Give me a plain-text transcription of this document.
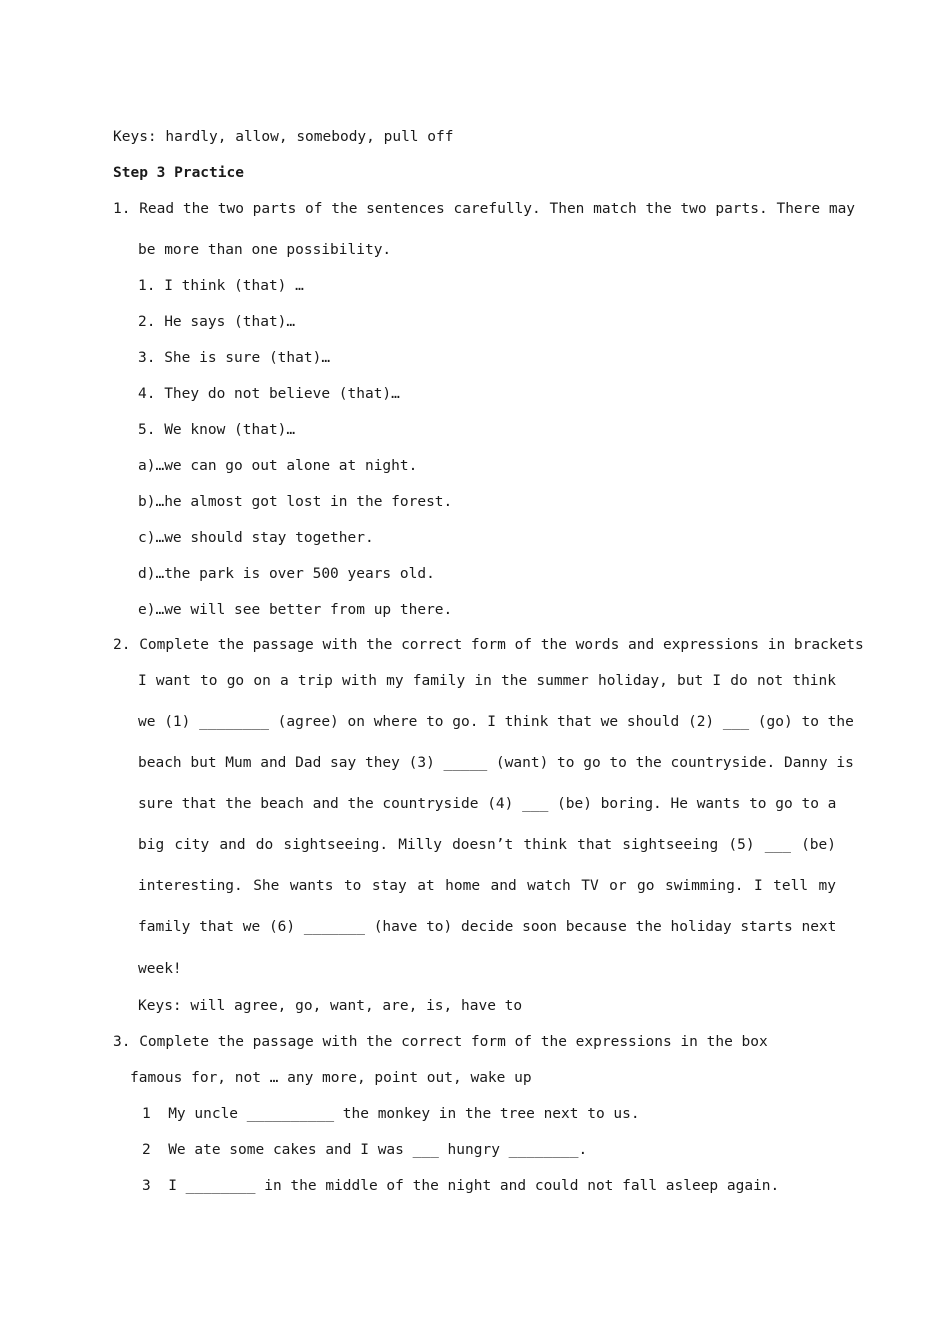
Keys: hardly, allow, somebody, pull off
Step 3 Practice
1. Read the two parts of the sentences carefully. Then match the two parts. There may
be more than one possibility.
1. I think (that) …
2. He says (that)…
3. She is sure (that)…
4. They do not believe (that)…
5. We know (that)…
a)…we can go out alone at night.
b)…he almost got lost in the forest.
c)…we should stay together.
d)…the park is over 500 years old.
e)…we will see better from up there.
2. Complete the passage with the correct form of the words and expressions in brackets
I want to go on a trip with my family in the summer holiday, but I do not think
we (1) ________ (agree) on where to go. I think that we should (2) ___ (go) to the
beach but Mum and Dad say they (3) _____ (want) to go to the countryside. Danny is
sure that the beach and the countryside (4) ___ (be) boring. He wants to go to a
big city and do sightseeing. Milly doesn’t think that sightseeing (5) ___ (be)
interesting. She wants to stay at home and watch TV or go swimming. I tell my
family that we (6) _______ (have to) decide soon because the holiday starts next
week!
Keys: will agree, go, want, are, is, have to
3. Complete the passage with the correct form of the expressions in the box
famous for, not … any more, point out, wake up
1  My uncle __________ the monkey in the tree next to us.
2  We ate some cakes and I was ___ hungry ________.
3  I ________ in the middle of the night and could not fall asleep again.
